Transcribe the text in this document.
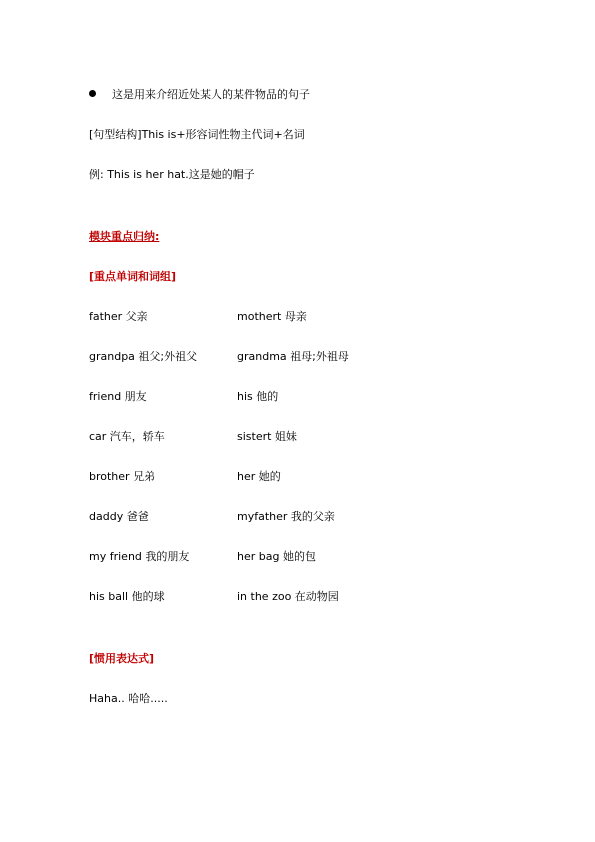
这是用来介绍近处某人的某件物品的句子
[句型结构]This is+形容词性物主代词+名词
例: This is her hat.这是她的帽子
模块重点归纳:
[重点单词和词组]
father 父亲	mothert 母亲
grandpa 祖父;外祖父	grandma 祖母;外祖母
friend 朋友	his 他的
car 汽车，轿车	sistert 姐妹
brother 兄弟	her 她的
daddy 爸爸	myfather 我的父亲
my friend 我的朋友	her bag 她的包
his ball 他的球	in the zoo 在动物园
[惯用表达式]
Haha.. 哈哈.....
